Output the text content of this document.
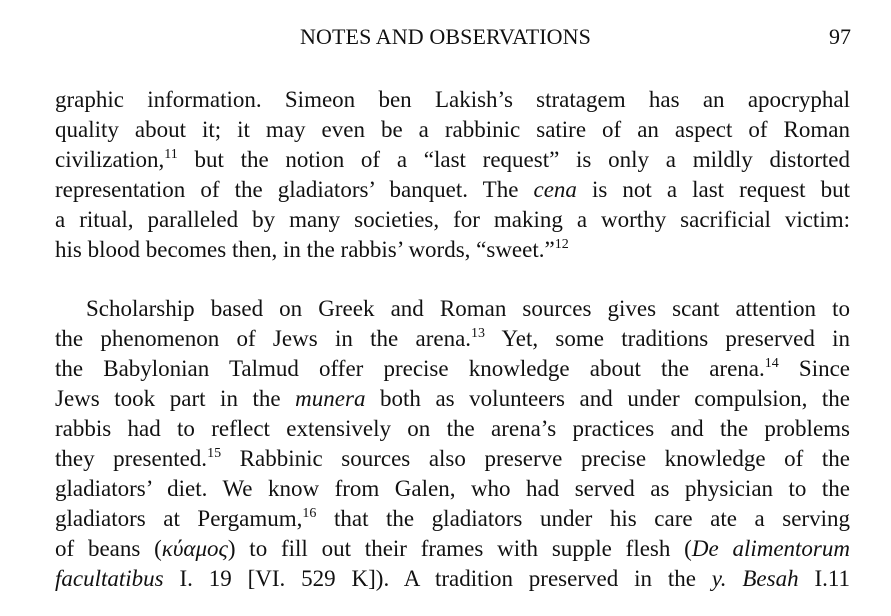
NOTES AND OBSERVATIONS	97
graphic information. Simeon ben Lakish’s stratagem has an apocryphal
quality about it; it may even be a rabbinic satire of an aspect of Roman
civilization,$^{11}$ but the notion of a “last request” is only a mildly distorted
representation of the gladiators’ banquet. The cena is not a last request but
a ritual, paralleled by many societies, for making a worthy sacrificial victim:
his blood becomes then, in the rabbis’ words, “sweet.”$^{12}$
Scholarship based on Greek and Roman sources gives scant attention to
the phenomenon of Jews in the arena.$^{13}$ Yet, some traditions preserved in
the Babylonian Talmud offer precise knowledge about the arena.$^{14}$ Since
Jews took part in the munera both as volunteers and under compulsion, the
rabbis had to reflect extensively on the arena’s practices and the problems
they presented.$^{15}$ Rabbinic sources also preserve precise knowledge of the
gladiators’ diet. We know from Galen, who had served as physician to the
gladiators at Pergamum,$^{16}$ that the gladiators under his care ate a serving
of beans (κύαμος) to fill out their frames with supple flesh (De alimentorum
facultatibus I. 19 [VI. 529 K]). A tradition preserved in the y. Besah I.11
